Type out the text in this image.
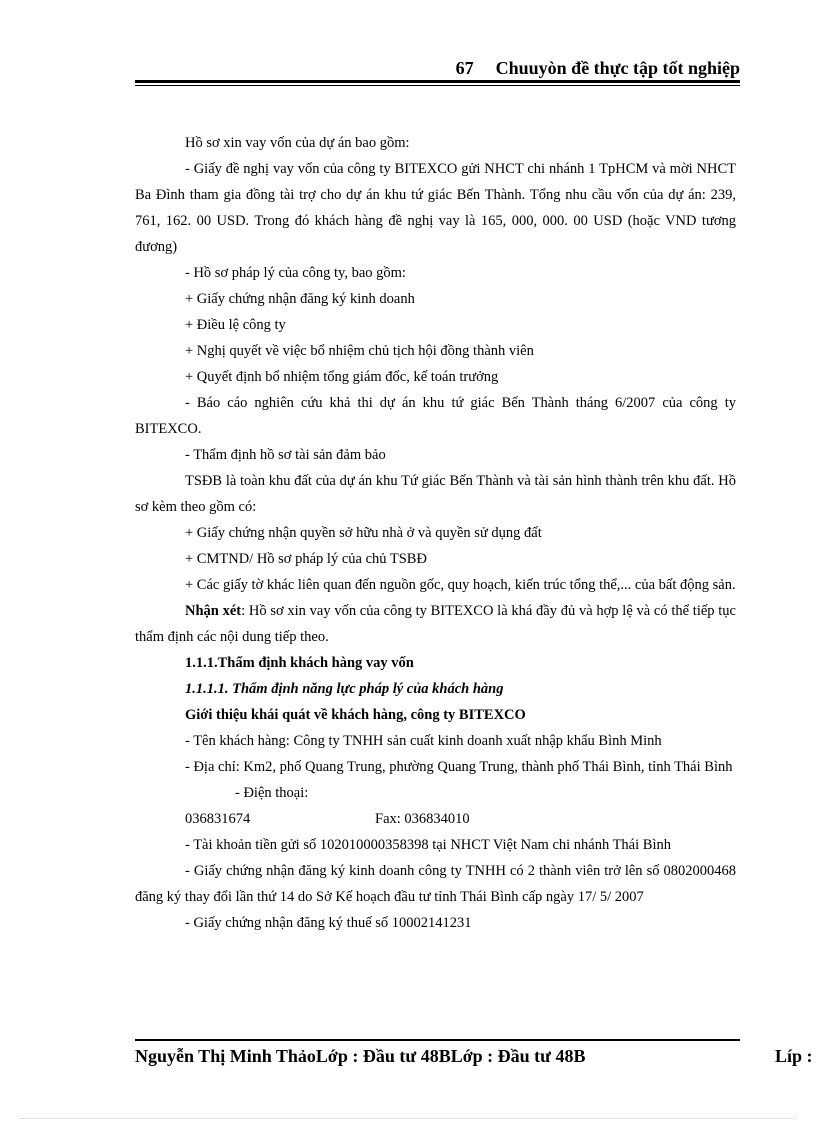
67 Chuuyòn đề thực tập tốt nghiệp

Hồ sơ xin vay vốn của dự án bao gồm:

- Giấy đề nghị vay vốn của công ty BITEXCO gửi NHCT chi nhánh 1 TpHCM và mời NHCT Ba Đình tham gia đồng tài trợ cho dự án khu tứ giác Bến Thành. Tổng nhu cầu vốn của dự án: 239, 761, 162. 00 USD. Trong đó khách hàng đề nghị vay là 165, 000, 000. 00 USD (hoặc VND tương đương)

- Hồ sơ pháp lý của công ty, bao gồm:

+ Giấy chứng nhận đăng ký kinh doanh

+ Điều lệ công ty

+ Nghị quyết về việc bổ nhiệm chủ tịch hội đồng thành viên

+ Quyết định bổ nhiệm tổng giám đốc, kế toán trưởng

- Báo cáo nghiên cứu khả thi dự án khu tứ giác Bến Thành tháng 6/2007 của công ty BITEXCO.

- Thẩm định hồ sơ tài sản đảm bảo

TSĐB là toàn khu đất của dự án khu Tứ giác Bến Thành và tài sản hình thành trên khu đất. Hồ sơ kèm theo gồm có:

+ Giấy chứng nhận quyền sở hữu nhà ở và quyền sử dụng đất

+ CMTND/ Hồ sơ pháp lý của chủ TSBĐ

+ Các giấy tờ khác liên quan đến nguồn gốc, quy hoạch, kiến trúc tổng thể,... của bất động sản.

Nhận xét: Hồ sơ xin vay vốn của công ty BITEXCO là khá đầy đủ và hợp lệ và có thể tiếp tục thẩm định các nội dung tiếp theo.

1.1.1.Thẩm định khách hàng vay vốn

1.1.1.1. Thẩm định năng lực pháp lý của khách hàng

Giới thiệu khái quát về khách hàng, công ty BITEXCO

- Tên khách hàng: Công ty TNHH sản cuất kinh doanh xuất nhập khẩu Bình Minh

- Địa chỉ: Km2, phố Quang Trung, phường Quang Trung, thành phố Thái Bình, tỉnh Thái Bình

- Điện thoại: 036831674	Fax: 036834010

- Tài khoản tiền gửi số 102010000358398 tại NHCT Việt Nam chi nhánh Thái Bình

- Giấy chứng nhận đăng ký kinh doanh công ty TNHH có 2 thành viên trở lên số 0802000468 đăng ký thay đổi lần thứ 14 do Sở Kế hoạch đầu tư tỉnh Thái Bình cấp ngày 17/ 5/ 2007

- Giấy chứng nhận đăng ký thuế số 10002141231

Nguyễn Thị Minh ThảoLớp : Đầu tư 48BLớp : Đầu tư 48B	Líp :
